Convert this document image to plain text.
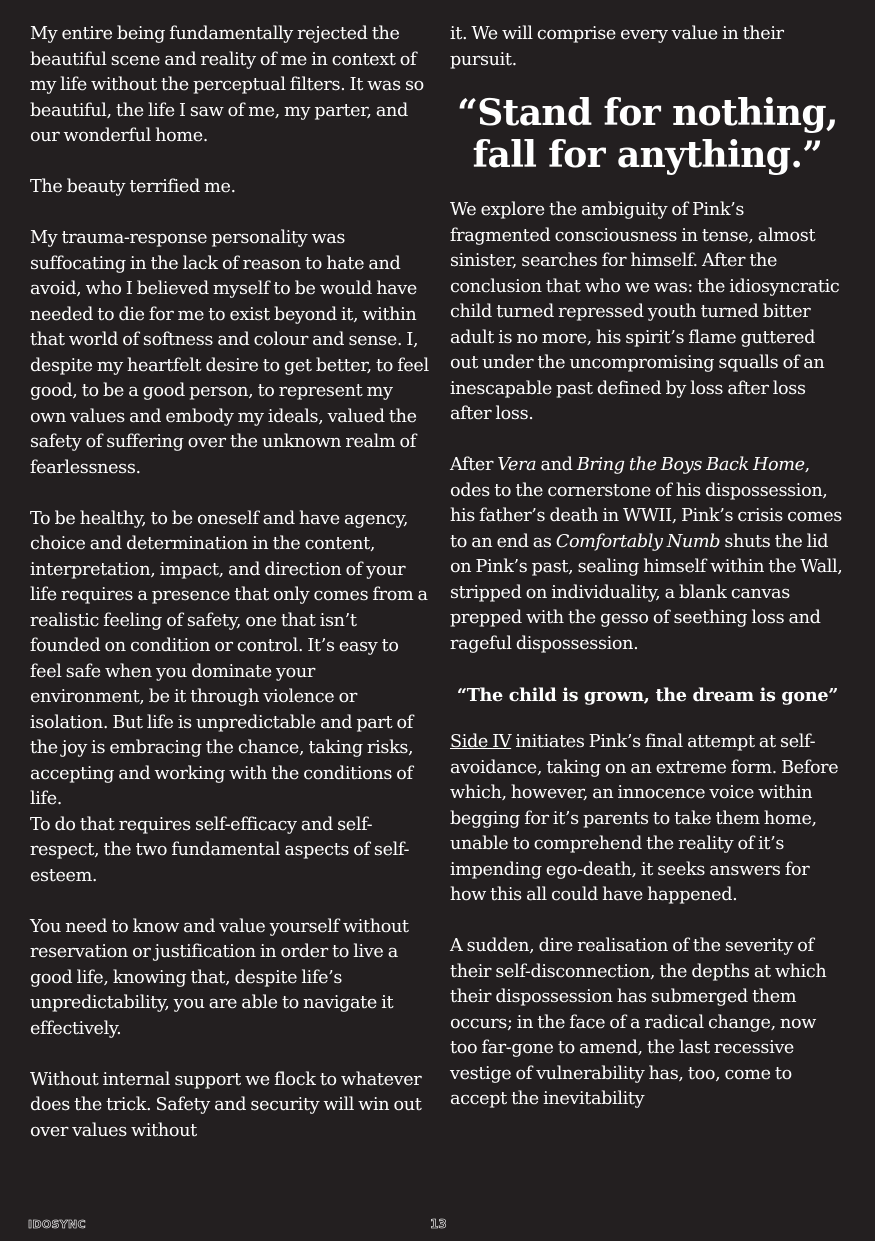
My entire being fundamentally rejected the beautiful scene and reality of me in context of my life without the perceptual filters. It was so beautiful, the life I saw of me, my parter, and our wonderful home.

The beauty terrified me.

My trauma-response personality was suffocating in the lack of reason to hate and avoid, who I believed myself to be would have needed to die for me to exist beyond it, within that world of softness and colour and sense. I, despite my heartfelt desire to get better, to feel good, to be a good person, to represent my own values and embody my ideals, valued the safety of suffering over the unknown realm of fearlessness.

To be healthy, to be oneself and have agency, choice and determination in the content, interpretation, impact, and direction of your life requires a presence that only comes from a realistic feeling of safety, one that isn’t founded on condition or control. It’s easy to feel safe when you dominate your environment, be it through violence or isolation. But life is unpredictable and part of the joy is embracing the chance, taking risks, accepting and working with the conditions of life.

To do that requires self-efficacy and self-respect, the two fundamental aspects of self-esteem.

You need to know and value yourself without reservation or justification in order to live a good life, knowing that, despite life’s unpredictability, you are able to navigate it effectively.

Without internal support we flock to whatever does the trick. Safety and security will win out over values without

it. We will comprise every value in their pursuit.

“Stand for nothing, fall for anything.”

We explore the ambiguity of Pink’s fragmented consciousness in tense, almost sinister, searches for himself. After the conclusion that who we was: the idiosyncratic child turned repressed youth turned bitter adult is no more, his spirit’s flame guttered out under the uncompromising squalls of an inescapable past defined by loss after loss after loss.

After Vera and Bring the Boys Back Home, odes to the cornerstone of his dispossession, his father’s death in WWII, Pink’s crisis comes to an end as Comfortably Numb shuts the lid on Pink’s past, sealing himself within the Wall, stripped on individuality, a blank canvas prepped with the gesso of seething loss and rageful dispossession.

“The child is grown, the dream is gone”

Side IV initiates Pink’s final attempt at self-avoidance, taking on an extreme form. Before which, however, an innocence voice within begging for it’s parents to take them home, unable to comprehend the reality of it’s impending ego-death, it seeks answers for how this all could have happened.

A sudden, dire realisation of the severity of their self-disconnection, the depths at which their dispossession has submerged them occurs; in the face of a radical change, now too far-gone to amend, the last recessive vestige of vulnerability has, too, come to accept the inevitability

IDOSYNC	13
